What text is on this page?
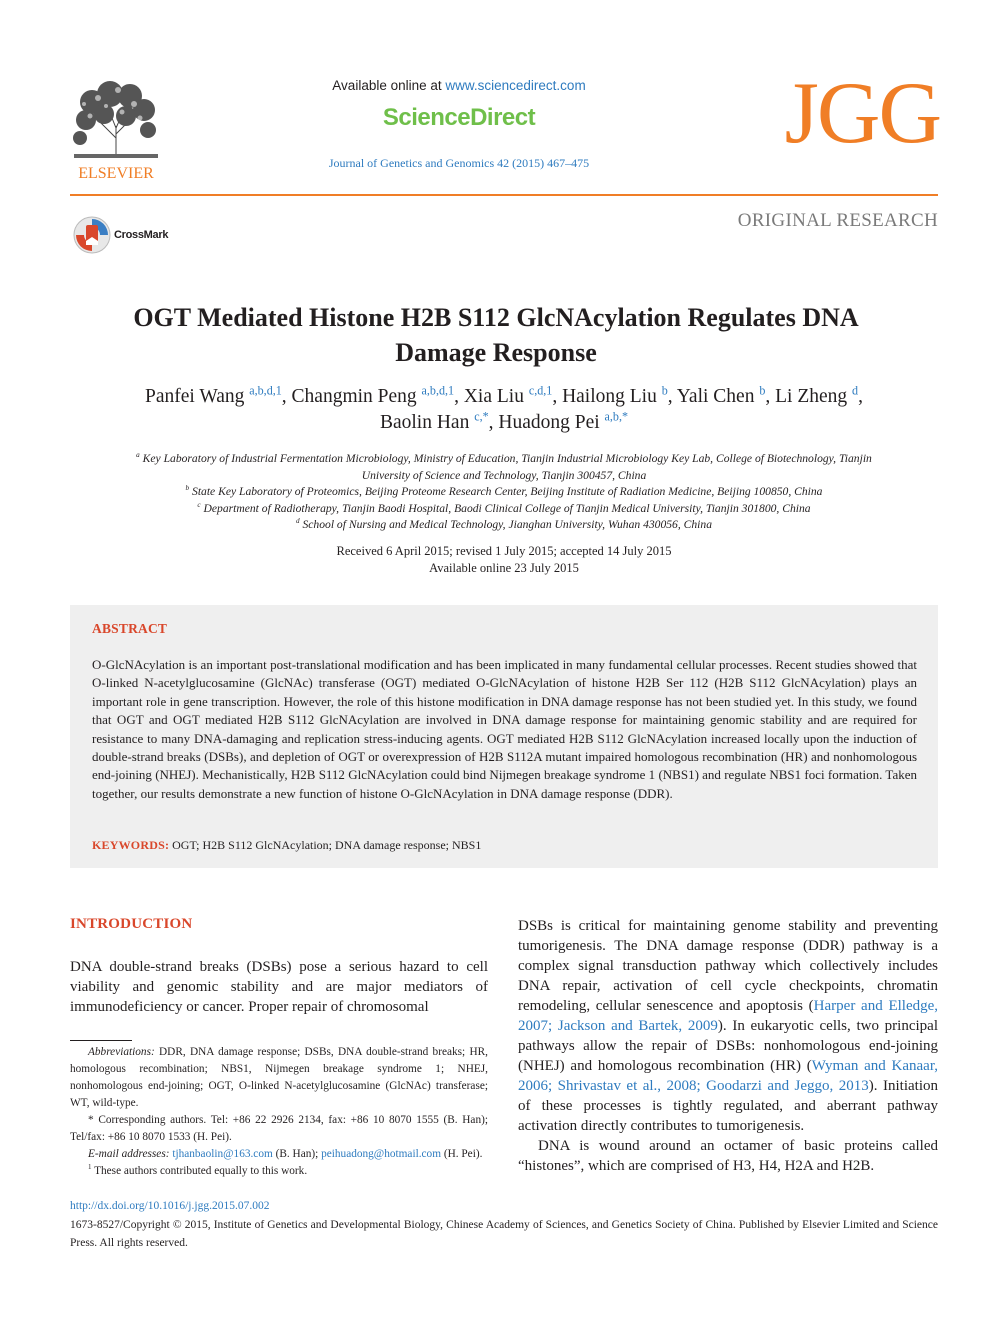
ELSEVIER
Available online at www.sciencedirect.com
ScienceDirect
Journal of Genetics and Genomics 42 (2015) 467‒475
JGG
CrossMark
ORIGINAL RESEARCH
OGT Mediated Histone H2B S112 GlcNAcylation Regulates DNA
Damage Response
Panfei Wang $^{a,b,d,1}$, Changmin Peng $^{a,b,d,1}$, Xia Liu $^{c,d,1}$, Hailong Liu $^b$, Yali Chen $^b$, Li Zheng $^d$,
Baolin Han $^{c,*}$, Huadong Pei $^{a,b,*}$
$^a$ Key Laboratory of Industrial Fermentation Microbiology, Ministry of Education, Tianjin Industrial Microbiology Key Lab, College of Biotechnology, Tianjin
University of Science and Technology, Tianjin 300457, China
$^b$ State Key Laboratory of Proteomics, Beijing Proteome Research Center, Beijing Institute of Radiation Medicine, Beijing 100850, China
$^c$ Department of Radiotherapy, Tianjin Baodi Hospital, Baodi Clinical College of Tianjin Medical University, Tianjin 301800, China
$^d$ School of Nursing and Medical Technology, Jianghan University, Wuhan 430056, China
Received 6 April 2015; revised 1 July 2015; accepted 14 July 2015
Available online 23 July 2015
ABSTRACT
O-GlcNAcylation is an important post-translational modification and has been implicated in many fundamental cellular processes. Recent studies showed that O-linked N-acetylglucosamine (GlcNAc) transferase (OGT) mediated O-GlcNAcylation of histone H2B Ser 112 (H2B S112 GlcNAcylation) plays an important role in gene transcription. However, the role of this histone modification in DNA damage response has not been studied yet. In this study, we found that OGT and OGT mediated H2B S112 GlcNAcylation are involved in DNA damage response for maintaining genomic stability and are required for resistance to many DNA-damaging and replication stress-inducing agents. OGT mediated H2B S112 GlcNAcylation increased locally upon the induction of double-strand breaks (DSBs), and depletion of OGT or overexpression of H2B S112A mutant impaired homologous recombination (HR) and nonhomologous end-joining (NHEJ). Mechanistically, H2B S112 GlcNAcylation could bind Nijmegen breakage syndrome 1 (NBS1) and regulate NBS1 foci formation. Taken together, our results demonstrate a new function of histone O-GlcNAcylation in DNA damage response (DDR).
KEYWORDS: OGT; H2B S112 GlcNAcylation; DNA damage response; NBS1
INTRODUCTION
DNA double-strand breaks (DSBs) pose a serious hazard to cell viability and genomic stability and are major mediators of immunodeficiency or cancer. Proper repair of chromosomal
Abbreviations: DDR, DNA damage response; DSBs, DNA double-strand breaks; HR, homologous recombination; NBS1, Nijmegen breakage syndrome 1; NHEJ, nonhomologous end-joining; OGT, O-linked N-acetylglucosamine (GlcNAc) transferase; WT, wild-type.
* Corresponding authors. Tel: +86 22 2926 2134, fax: +86 10 8070 1555 (B. Han); Tel/fax: +86 10 8070 1533 (H. Pei).
E-mail addresses: tjhanbaolin@163.com (B. Han); peihuadong@hotmail.com (H. Pei).
$^1$ These authors contributed equally to this work.

DSBs is critical for maintaining genome stability and preventing tumorigenesis. The DNA damage response (DDR) pathway is a complex signal transduction pathway which collectively includes DNA repair, activation of cell cycle checkpoints, chromatin remodeling, cellular senescence and apoptosis (Harper and Elledge, 2007; Jackson and Bartek, 2009). In eukaryotic cells, two principal pathways allow the repair of DSBs: nonhomologous end-joining (NHEJ) and homologous recombination (HR) (Wyman and Kanaar, 2006; Shrivastav et al., 2008; Goodarzi and Jeggo, 2013). Initiation of these processes is tightly regulated, and aberrant pathway activation directly contributes to tumorigenesis.

DNA is wound around an octamer of basic proteins called “histones”, which are comprised of H3, H4, H2A and H2B.

http://dx.doi.org/10.1016/j.jgg.2015.07.002
1673-8527/Copyright © 2015, Institute of Genetics and Developmental Biology, Chinese Academy of Sciences, and Genetics Society of China. Published by Elsevier Limited and Science Press. All rights reserved.
